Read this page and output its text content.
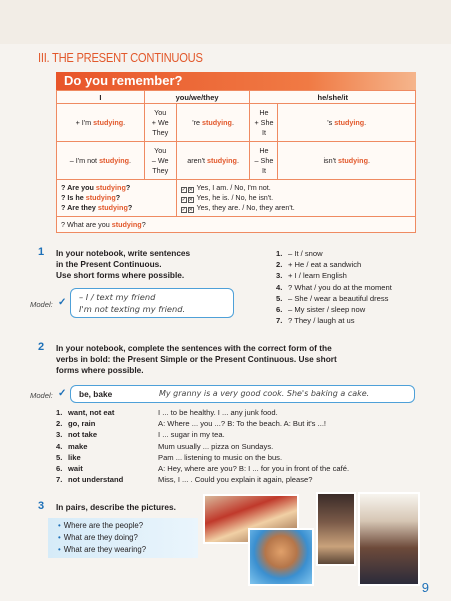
III. THE PRESENT CONTINUOUS
Do you remember?
I	you/we/they		he/she/it	
+ I'm studying.	You
+ We
They	're studying.	He
+ She
It	's studying.
– I'm not studying.	You
– We
They	aren't studying.	He
– She
It	isn't studying.

? Are you studying?
? Is he studying?
? Are they studying?		✓ ✕ Yes, I am. / No, I'm not.
✓ ✕ Yes, he is. / No, he isn't.
✓ ✕ Yes, they are. / No, they aren't.		

? What are you studying?				
1 In your notebook, write sentences
in the Present Continuous.
Use short forms where possible.
Model: ✓ – I / text my friend
I'm not texting my friend.
1. – It / snow
2. + He / eat a sandwich
3. + I / learn English
4. ? What / you do at the moment
5. – She / wear a beautiful dress
6. – My sister / sleep now
7. ? They / laugh at us
2 In your notebook, complete the sentences with the correct form of the
verbs in bold: the Present Simple or the Present Continuous. Use short
forms where possible.
Model: ✓ be, bake	My granny is a very good cook. She's baking a cake.
1. want, not eat	I ... to be healthy. I ... any junk food.
2. go, rain	A: Where ... you ...? B: To the beach. A: But it's ...!
3. not take	I ... sugar in my tea.
4. make	Mum usually ... pizza on Sundays.
5. like	Pam ... listening to music on the bus.
6. wait	A: Hey, where are you? B: I ... for you in front of the café.
7. not understand	Miss, I ... . Could you explain it again, please?
3 In pairs, describe the pictures.
• Where are the people?
• What are they doing?
• What are they wearing?
9
